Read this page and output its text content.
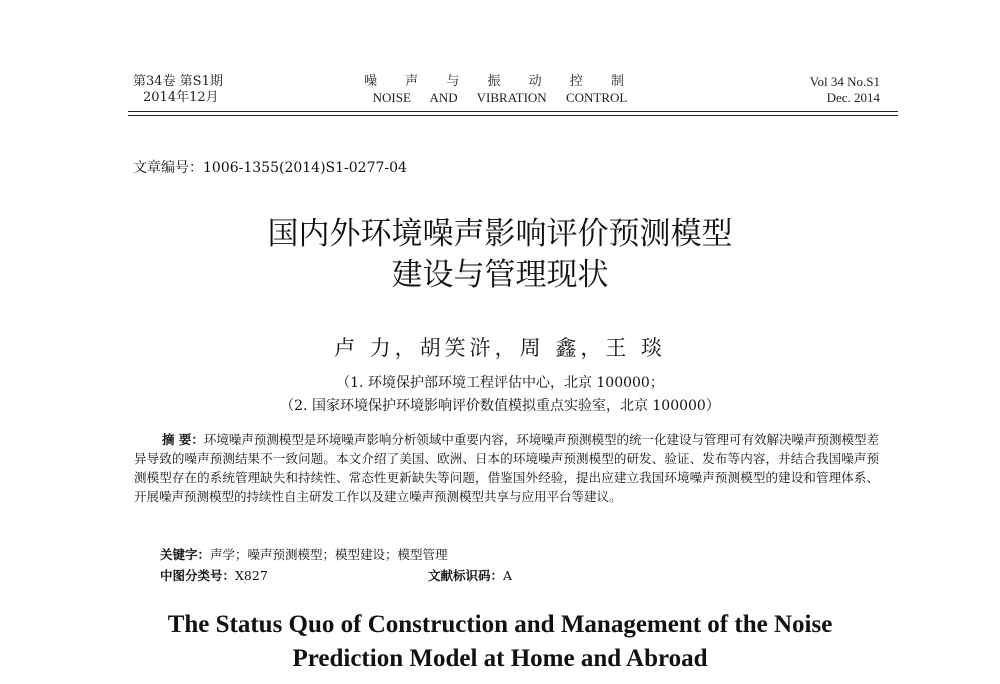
第34卷 第S1期
2014年12月
噪 声 与 振 动 控 制
NOISE AND VIBRATION CONTROL
Vol 34 No.S1
Dec. 2014
文章编号：1006-1355(2014)S1-0277-04
国内外环境噪声影响评价预测模型
建设与管理现状
卢 力，胡笑浒，周 鑫，王 琰
（1. 环境保护部环境工程评估中心，北京 100000；
（2. 国家环境保护环境影响评价数值模拟重点实验室，北京 100000）
摘 要：环境噪声预测模型是环境噪声影响分析领域中重要内容，环境噪声预测模型的统一化建设与管理可有效解决噪声预测模型差异导致的噪声预测结果不一致问题。本文介绍了美国、欧洲、日本的环境噪声预测模型的研发、验证、发布等内容，并结合我国噪声预测模型存在的系统管理缺失和持续性、常态性更新缺失等问题，借鉴国外经验，提出应建立我国环境噪声预测模型的建设和管理体系、开展噪声预测模型的持续性自主研发工作以及建立噪声预测模型共享与应用平台等建议。
关键字：声学；噪声预测模型；模型建设；模型管理
中图分类号：X827	文献标识码：A
The Status Quo of Construction and Management of the Noise
Prediction Model at Home and Abroad
